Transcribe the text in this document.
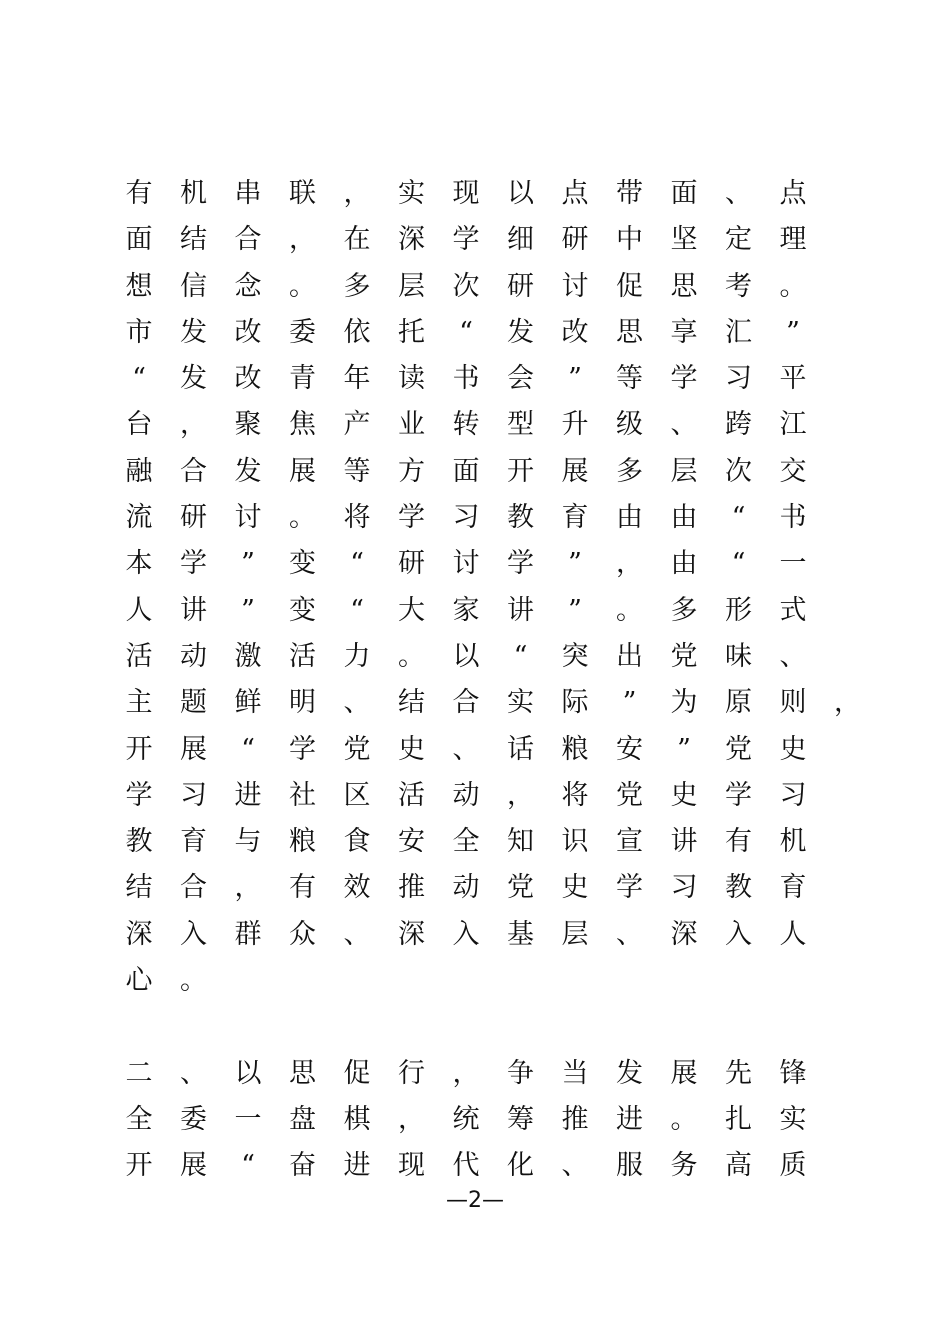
有 机 串 联 ， 实 现 以 点 带 面 、 点
面 结 合 ， 在 深 学 细 研 中 坚 定 理
想 信 念 。 多 层 次 研 讨 促 思 考 。
市 发 改 委 依 托 “ 发 改 思 享 汇 ”
“ 发 改 青 年 读 书 会 ” 等 学 习 平
台 ， 聚 焦 产 业 转 型 升 级 、 跨 江
融 合 发 展 等 方 面 开 展 多 层 次 交
流 研 讨 。 将 学 习 教 育 由 由 “ 书
本 学 ” 变 “ 研 讨 学 ” ， 由 “ 一
人 讲 ” 变 “ 大 家 讲 ” 。 多 形 式
活 动 激 活 力 。 以 “ 突 出 党 味 、
主 题 鲜 明 、 结 合 实 际 ” 为 原 则 ，
开 展 “ 学 党 史 、 话 粮 安 ” 党 史
学 习 进 社 区 活 动 ， 将 党 史 学 习
教 育 与 粮 食 安 全 知 识 宣 讲 有 机
结 合 ， 有 效 推 动 党 史 学 习 教 育
深 入 群 众 、 深 入 基 层 、 深 入 人
心 。
二 、 以 思 促 行 ， 争 当 发 展 先 锋
全 委 一 盘 棋 ， 统 筹 推 进 。 扎 实
开 展 “ 奋 进 现 代 化 、 服 务 高 质
—2—
